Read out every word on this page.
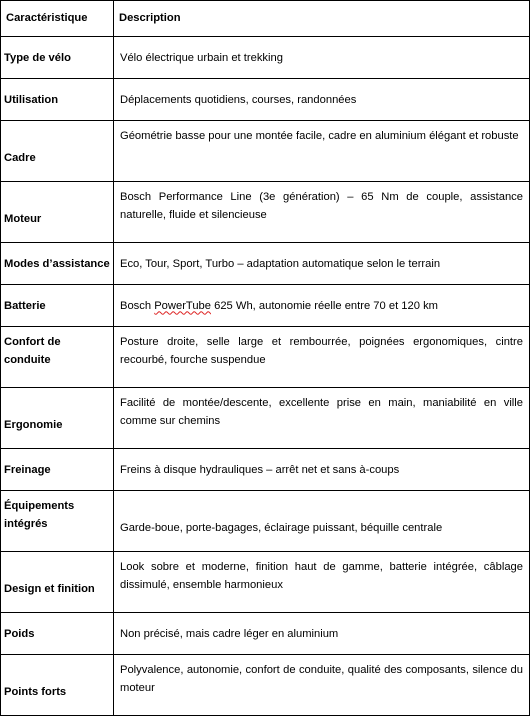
Caractéristique	Description
Type de vélo	Vélo électrique urbain et trekking
Utilisation	Déplacements quotidiens, courses, randonnées
Cadre	Géométrie basse pour une montée facile, cadre en aluminium élégant et robuste
Moteur	Bosch Performance Line (3e génération) – 65 Nm de couple, assistance naturelle, fluide et silencieuse
Modes d’assistance	Eco, Tour, Sport, Turbo – adaptation automatique selon le terrain
Batterie	Bosch PowerTube 625 Wh, autonomie réelle entre 70 et 120 km
Confort de conduite	Posture droite, selle large et rembourrée, poignées ergonomiques, cintre recourbé, fourche suspendue
Ergonomie	Facilité de montée/descente, excellente prise en main, maniabilité en ville comme sur chemins
Freinage	Freins à disque hydrauliques – arrêt net et sans à-coups
Équipements intégrés	Garde-boue, porte-bagages, éclairage puissant, béquille centrale
Design et finition	Look sobre et moderne, finition haut de gamme, batterie intégrée, câblage dissimulé, ensemble harmonieux
Poids	Non précisé, mais cadre léger en aluminium
Points forts	Polyvalence, autonomie, confort de conduite, qualité des composants, silence du moteur
